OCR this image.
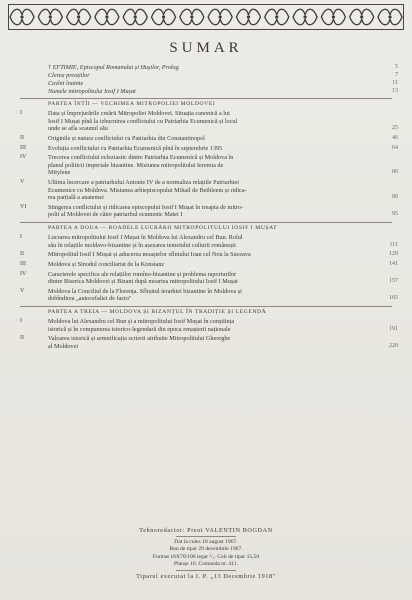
SUMAR
† EFTIMIE, Episcopul Romanului și Hușilor, Prolog	5
Clerea preoțiilor	7
Cuvînt înainte	11
Numele mitropolitului Iosif I Mușat	13
PARTEA ÎNTÎI — VECHIMEA MITROPOLIEI MOLDOVEI
I	Data și împrejurările creării Mitropoliei Moldovei. Situația canonică a lui
Iosif I Mușat pînă la izbucnirea conflictului cu Patriarhia Ecumenică și locul
unde se afla scaunul său	25
II	Originile și natura conflictului cu Patriarhia din Constantinopol	46
III	Evoluția conflictului cu Patriarhia Ecumenică pînă în septembrie 1395	64
IV	Trecerea conflictului ecleziastic dintre Patriarhia Ecumenică și Moldova în
planul politicii imperiale bizantine. Misiunea mitropolitului Ieremia de
Mitylene	80
V	Ultima încercare a patriarhului Antonie IV de a normaliza relațiile Patriarhiei
Ecumenice cu Moldova. Misiunea arhiepiscopului Mihail de Bethleem și ridica-
rea parțială a anatemei	90
VI	Stingerea conflictului și ridicarea episcopului Iosif I Mușat în treapta de mitro-
polit al Moldovei de către patriarhul ecumenic Matei I	95
PARTEA A DOUA — ROADELE LUCRĂRII MITROPOLITULUI IOSIF I MUȘAT
I	Lucrarea mitropolitului Iosif I Mușat în Moldova lui Alexandru cel Bun. Rolul
său în relațiile moldavo-bizantine și în așezarea temeiului culturii românești	111
II	Mitropolitul Iosif I Mușat și aducerea moaștelor sfîntului Ioan cel Nou la Suceava	129
III	Moldova și Sinodul conciliarist de la Konstanz	141
IV	Caracterele specifice ale relațiilor romîno-bizantine și problema raporturilor
dintre Biserica Moldovei și Bizanț după moartea mitropolitului Iosif I Mușat	157
V	Moldova la Conciliul de la Florența. Sfîrșitul ierarhiei bizantine în Moldova și
dobîndirea „autocefaliei de facto"	165
PARTEA A TREIA — MOLDOVA ȘI BIZANȚUL ÎN TRADIȚIE ȘI LEGENDĂ
I	Moldova lui Alexandru cel Bun și a mitropolitului Iosif Mușat în conștiința
istorică și în compunerea istorico-legendară din epoca renașterii naționale	191
II	Valoarea istorică și semnificația scrierii atribuite Mitropolitului Gheorghe
al Moldovei	220
Tehnoredactor: Preot VALENTIN BOGDAN
Dat la cules 10 august 1967.
Bun de tipar 29 decembrie 1967.
Format 16X70/100 legat ¹/₁. Coli de tipar 15,50
Planșe 16. Comanda nr. 411.
Tiparul executat la I. P. „13 Decembrie 1918"
